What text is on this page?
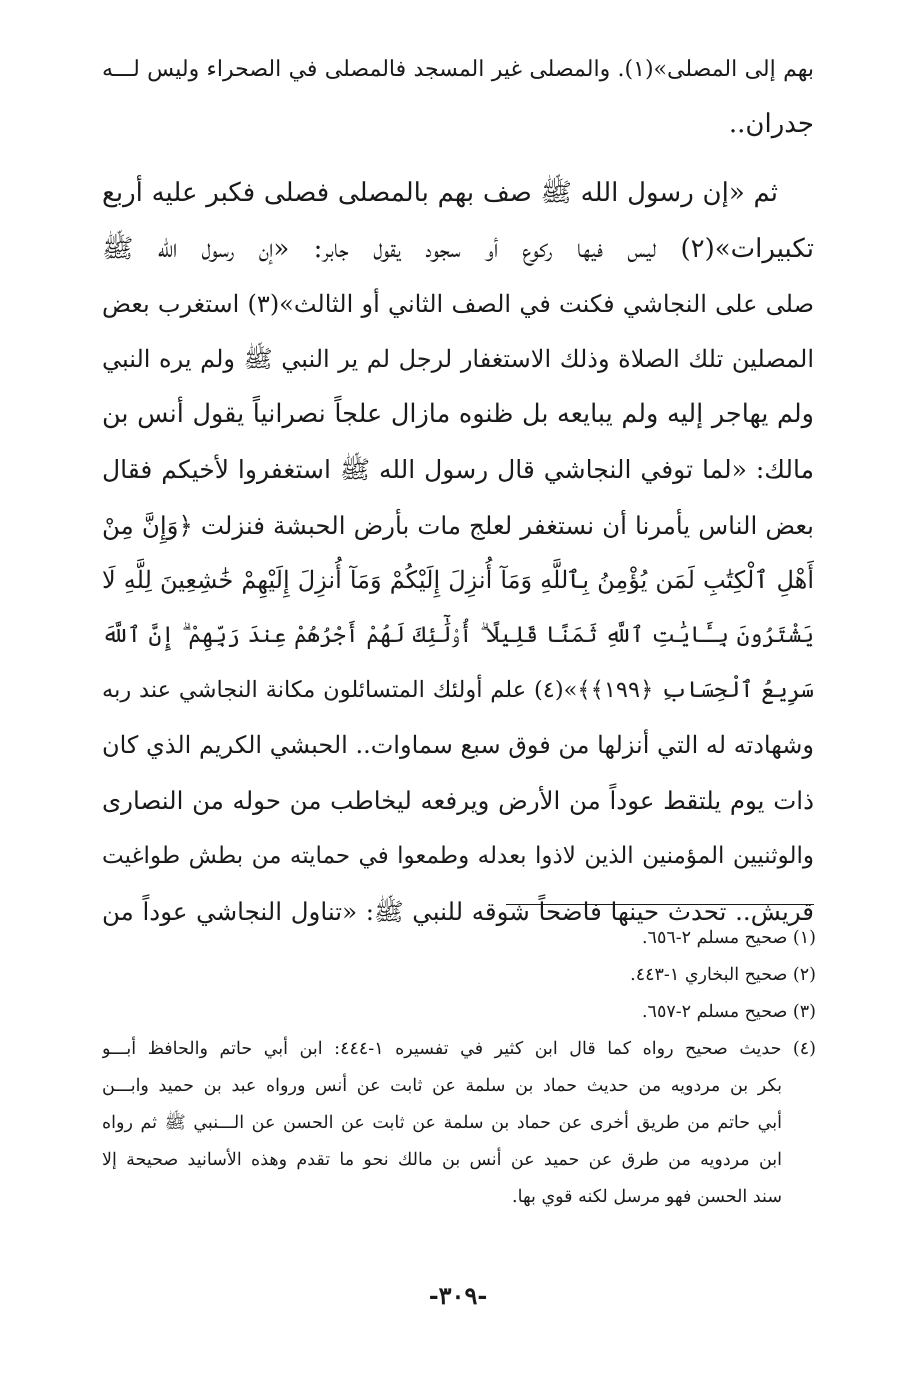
بهم إلى المصلى»(١). والمصلى غير المسجد فالمصلى في الصحراء وليس لـــه
جدران..
ثم «إن رسول الله ﷺ صف بهم بالمصلى فصلى فكبر عليه أربع
تكبيرات»(٢) ليس فيها ركوع أو سجود يقول جابر: «إن رسول الله ﷺ
صلى على النجاشي فكنت في الصف الثاني أو الثالث»(٣) استغرب بعض
المصلين تلك الصلاة وذلك الاستغفار لرجل لم ير النبي ﷺ ولم يره النبي
ولم يهاجر إليه ولم يبايعه بل ظنوه مازال علجاً نصرانياً يقول أنس بن
مالك: «لما توفي النجاشي قال رسول الله ﷺ استغفروا لأخيكم فقال
بعض الناس يأمرنا أن نستغفر لعلج مات بأرض الحبشة فنزلت ﴿وَإِنَّ مِنْ
أَهْلِ ٱلْكِتَٰبِ لَمَن يُؤْمِنُ بِٱللَّهِ وَمَآ أُنزِلَ إِلَيْكُمْ وَمَآ أُنزِلَ إِلَيْهِمْ خَٰشِعِينَ لِلَّهِ لَا
يَشْتَرُونَ بِـَٔايَٰتِ ٱللَّهِ ثَمَنًا قَلِيلًا ۗ أُو۟لَٰٓئِكَ لَهُمْ أَجْرُهُمْ عِندَ رَبِّهِمْ ۗ إِنَّ ٱللَّهَ
سَرِيعُ ٱلْحِسَابِ ﴿١٩٩﴾﴾»(٤) علم أولئك المتسائلون مكانة النجاشي عند ربه
وشهادته له التي أنزلها من فوق سبع سماوات.. الحبشي الكريم الذي كان
ذات يوم يلتقط عوداً من الأرض ويرفعه ليخاطب من حوله من النصارى
والوثنيين المؤمنين الذين لاذوا بعدله وطمعوا في حمايته من بطش طواغيت
قريش.. تحدث حينها فاضحاً شوقه للنبي ﷺ: «تناول النجاشي عوداً من
(١) صحيح مسلم ٢-٦٥٦.
(٢) صحيح البخاري ١-٤٤٣.
(٣) صحيح مسلم ٢-٦٥٧.
(٤) حديث صحيح رواه كما قال ابن كثير في تفسيره ١-٤٤٤: ابن أبي حاتم والحافظ أبـــو
بكر بن مردويه من حديث حماد بن سلمة عن ثابت عن أنس ورواه عبد بن حميد وابـــن
أبي حاتم من طريق أخرى عن حماد بن سلمة عن ثابت عن الحسن عن الـــنبي ﷺ ثم رواه
ابن مردويه من طرق عن حميد عن أنس بن مالك نحو ما تقدم وهذه الأسانيد صحيحة إلا
سند الحسن فهو مرسل لكنه قوي بها.
-٣٠٩-
